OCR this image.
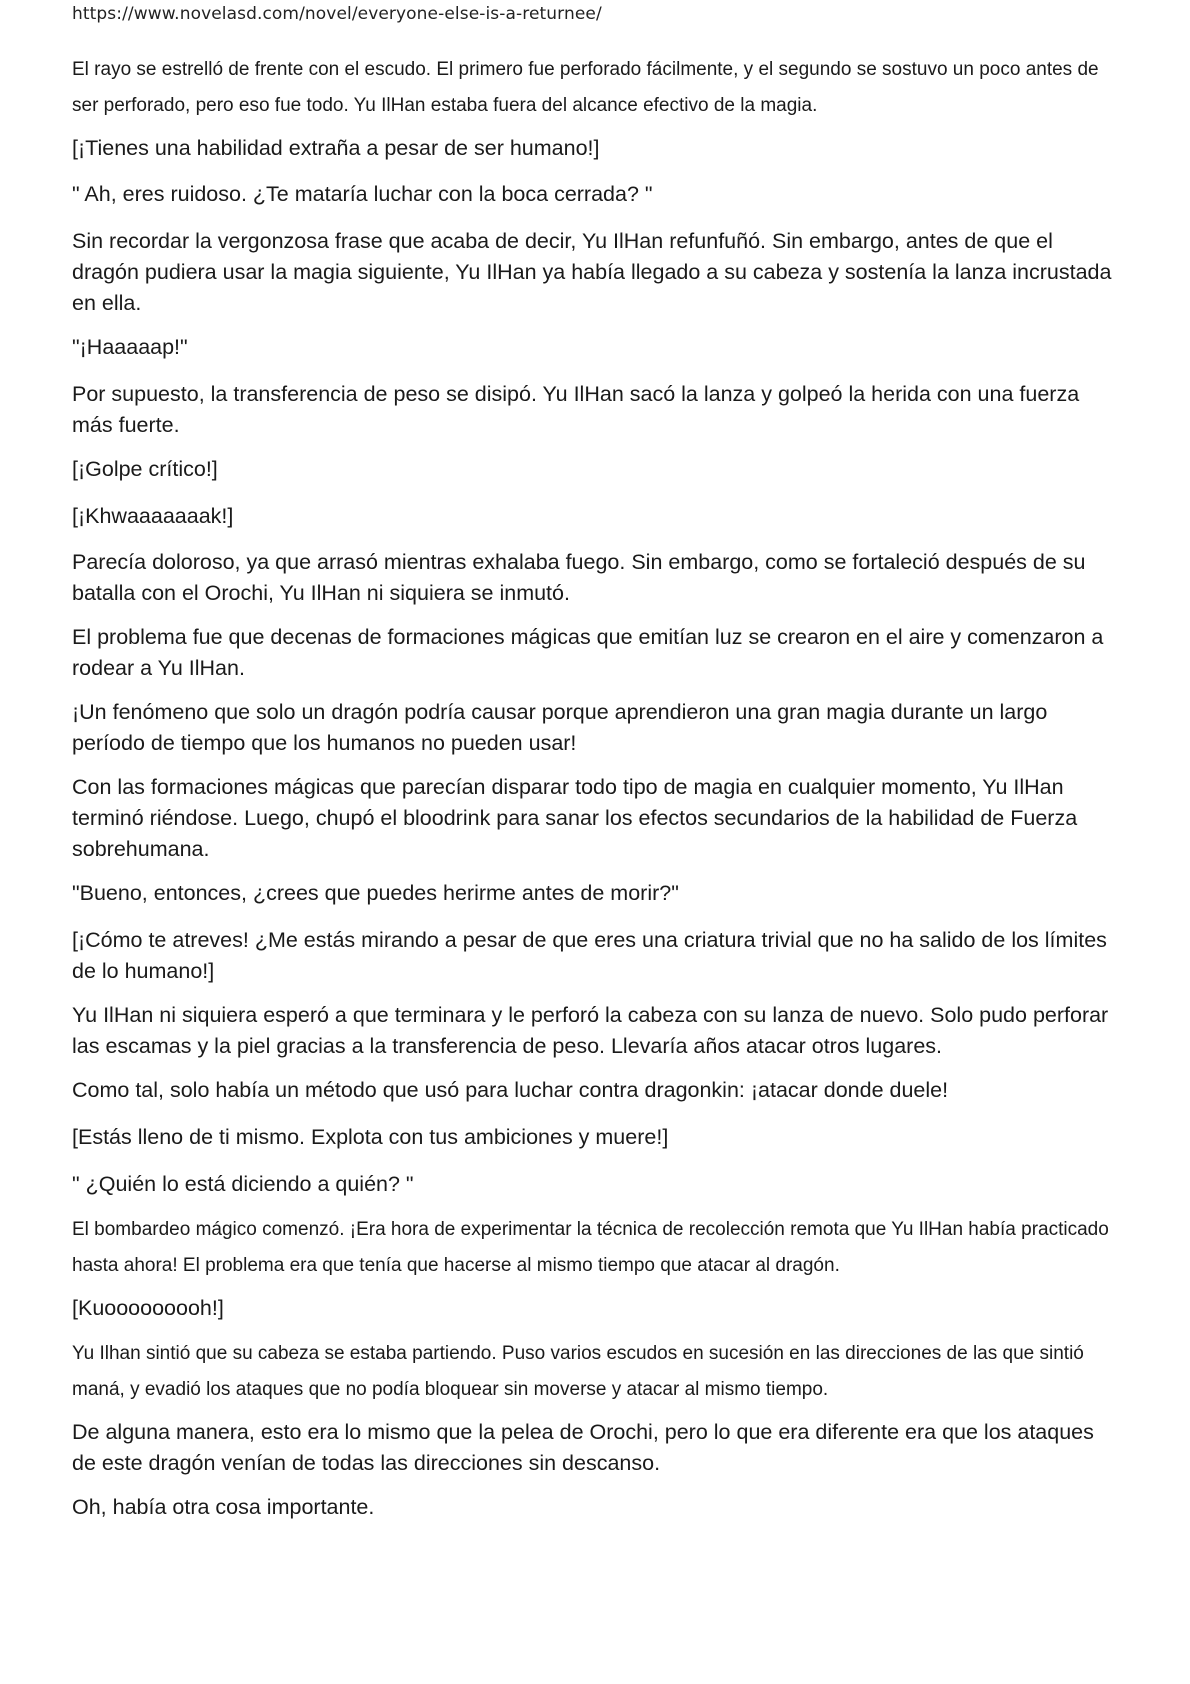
https://www.novelasd.com/novel/everyone-else-is-a-returnee/

El rayo se estrelló de frente con el escudo. El primero fue perforado fácilmente, y el segundo se sostuvo un poco antes de ser perforado, pero eso fue todo. Yu IlHan estaba fuera del alcance efectivo de la magia.

[¡Tienes una habilidad extraña a pesar de ser humano!]

" Ah, eres ruidoso. ¿Te mataría luchar con la boca cerrada? "

Sin recordar la vergonzosa frase que acaba de decir, Yu IlHan refunfuñó. Sin embargo, antes de que el dragón pudiera usar la magia siguiente, Yu IlHan ya había llegado a su cabeza y sostenía la lanza incrustada en ella.

"¡Haaaaap!"

Por supuesto, la transferencia de peso se disipó. Yu IlHan sacó la lanza y golpeó la herida con una fuerza más fuerte.

[¡Golpe crítico!]

[¡Khwaaaaaaak!]

Parecía doloroso, ya que arrasó mientras exhalaba fuego. Sin embargo, como se fortaleció después de su batalla con el Orochi, Yu IlHan ni siquiera se inmutó.

El problema fue que decenas de formaciones mágicas que emitían luz se crearon en el aire y comenzaron a rodear a Yu IlHan.

¡Un fenómeno que solo un dragón podría causar porque aprendieron una gran magia durante un largo período de tiempo que los humanos no pueden usar!

Con las formaciones mágicas que parecían disparar todo tipo de magia en cualquier momento, Yu IlHan terminó riéndose. Luego, chupó el bloodrink para sanar los efectos secundarios de la habilidad de Fuerza sobrehumana.

"Bueno, entonces, ¿crees que puedes herirme antes de morir?"

[¡Cómo te atreves! ¿Me estás mirando a pesar de que eres una criatura trivial que no ha salido de los límites de lo humano!]

Yu IlHan ni siquiera esperó a que terminara y le perforó la cabeza con su lanza de nuevo. Solo pudo perforar las escamas y la piel gracias a la transferencia de peso. Llevaría años atacar otros lugares.

Como tal, solo había un método que usó para luchar contra dragonkin: ¡atacar donde duele!

[Estás lleno de ti mismo. Explota con tus ambiciones y muere!]

" ¿Quién lo está diciendo a quién? "

El bombardeo mágico comenzó. ¡Era hora de experimentar la técnica de recolección remota que Yu IlHan había practicado hasta ahora! El problema era que tenía que hacerse al mismo tiempo que atacar al dragón.

[Kuooooooooh!]

Yu Ilhan sintió que su cabeza se estaba partiendo. Puso varios escudos en sucesión en las direcciones de las que sintió maná, y evadió los ataques que no podía bloquear sin moverse y atacar al mismo tiempo.

De alguna manera, esto era lo mismo que la pelea de Orochi, pero lo que era diferente era que los ataques de este dragón venían de todas las direcciones sin descanso.

Oh, había otra cosa importante.
